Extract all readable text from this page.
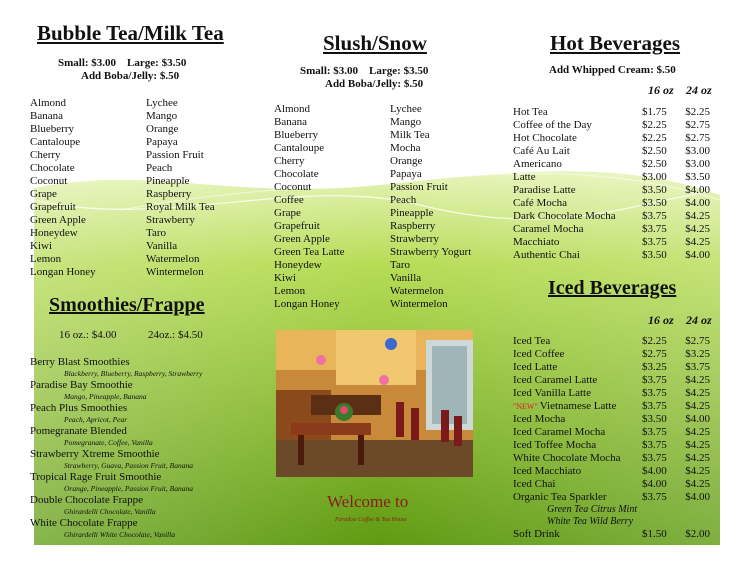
Bubble Tea/Milk Tea
Small: $3.00    Large: $3.50
Add Boba/Jelly: $.50
Almond
Banana
Blueberry
Cantaloupe
Cherry
Chocolate
Coconut
Grape
Grapefruit
Green Apple
Honeydew
Kiwi
Lemon
Longan Honey
Lychee
Mango
Orange
Papaya
Passion Fruit
Peach
Pineapple
Raspberry
Royal Milk Tea
Strawberry
Taro
Vanilla
Watermelon
Wintermelon
Slush/Snow
Small: $3.00    Large: $3.50
Add Boba/Jelly: $.50
Almond
Banana
Blueberry
Cantaloupe
Cherry
Chocolate
Coconut
Coffee
Grape
Grapefruit
Green Apple
Green Tea Latte
Honeydew
Kiwi
Lemon
Longan Honey
Lychee
Mango
Milk Tea
Mocha
Orange
Papaya
Passion Fruit
Peach
Pineapple
Raspberry
Strawberry
Strawberry Yogurt
Taro
Vanilla
Watermelon
Wintermelon
Smoothies/Frappe
16 oz.: $4.00	24oz.: $4.50
Berry Blast Smoothies
Blackberry, Blueberry, Raspberry, Strawberry
Paradise Bay Smoothie
Mango, Pineapple, Banana
Peach Plus Smoothies
Peach, Apricot, Pear
Pomegranate Blended
Pomegranate, Coffee, Vanilla
Strawberry Xtreme Smoothie
Strawberry, Guava, Passion Fruit, Banana
Tropical Rage Fruit Smoothie
Orange, Pineapple, Passion Fruit, Banana
Double Chocolate Frappe
Ghirardelli Chocolate, Vanilla
White Chocolate Frappe
Ghirardelli White Chocolate, Vanilla
Welcome to
Paradise Coffee & Tea House
Hot Beverages
Add Whipped Cream: $.50
16 oz 24 oz
Hot Tea	$1.75	$2.25
Coffee of the Day	$2.25	$2.75
Hot Chocolate	$2.25	$2.75
Café Au Lait	$2.50	$3.00
Americano	$2.50	$3.00
Latte	$3.00	$3.50
Paradise Latte	$3.50	$4.00
Café Mocha	$3.50	$4.00
Dark Chocolate Mocha	$3.75	$4.25
Caramel Mocha	$3.75	$4.25
Macchiato	$3.75	$4.25
Authentic Chai	$3.50	$4.00
Iced Beverages
16 oz 24 oz
Iced Tea	$2.25	$2.75
Iced Coffee	$2.75	$3.25
Iced Latte	$3.25	$3.75
Iced Caramel Latte	$3.75	$4.25
Iced Vanilla Latte	$3.75	$4.25
"NEW" Vietnamese Latte	$3.75	$4.25
Iced Mocha	$3.50	$4.00
Iced Caramel Mocha	$3.75	$4.25
Iced Toffee Mocha	$3.75	$4.25
White Chocolate Mocha	$3.75	$4.25
Iced Macchiato	$4.00	$4.25
Iced Chai	$4.00	$4.25
Organic Tea Sparkler	$3.75	$4.00
Green Tea Citrus Mint
White Tea Wild Berry
Soft Drink	$1.50	$2.00
